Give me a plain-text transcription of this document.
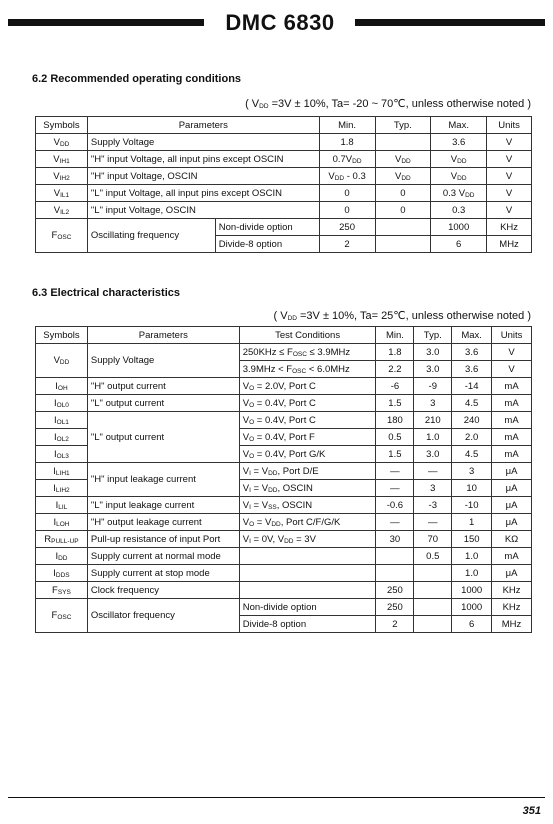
DMC 6830
6.2 Recommended operating conditions
( $V_{DD} =3V \pm 10\%$, Ta= -20 ~ 70℃, unless otherwise noted )
Symbols	Parameters		Min.	Typ.	Max.	Units
$V_{DD}$	Supply Voltage		1.8		3.6	V
$V_{IH1}$	"H" input Voltage, all input pins except OSCIN		$0.7V_{DD}$	$V_{DD}$	$V_{DD}$	V
$V_{IH2}$	"H" input Voltage, OSCIN		$V_{DD} - 0.3$	$V_{DD}$	$V_{DD}$	V
$V_{IL1}$	"L" input Voltage, all input pins except OSCIN		0	0	0.3 $V_{DD}$	V
$V_{IL2}$	"L" input Voltage, OSCIN		0	0	0.3	V
$F_{OSC}$	Oscillating frequency	Non-divide option	250		1000	KHz
		Divide-8 option	2		6	MHz
6.3 Electrical characteristics
( $V_{DD} =3V \pm 10\%$, Ta= 25℃, unless otherwise noted )
Symbols	Parameters	Test Conditions	Min.	Typ.	Max.	Units
$V_{DD}$	Supply Voltage	$250KHz \le F_{OSC} \le 3.9MHz$	1.8	3.0	3.6	V
		$3.9MHz < F_{OSC} < 6.0MHz$	2.2	3.0	3.6	V
$I_{OH}$	"H" output current	$V_O = 2.0V$, Port C	-6	-9	-14	mA
$I_{OL0}$	"L" output current	$V_O = 0.4V$, Port C	1.5	3	4.5	mA
$I_{OL1}$	"L" output current	$V_O = 0.4V$, Port C	180	210	240	mA
$I_{OL2}$		$V_O = 0.4V$, Port F	0.5	1.0	2.0	mA
$I_{OL3}$		$V_O = 0.4V$, Port G/K	1.5	3.0	4.5	mA
$I_{LIH1}$	"H" input leakage current	$V_I = V_{DD}$, Port D/E	—	—	3	μA
$I_{LIH2}$		$V_I = V_{DD}$, OSCIN	—	3	10	μA
$I_{LIL}$	"L" input leakage current	$V_I = V_{SS}$, OSCIN	-0.6	-3	-10	μA
$I_{LOH}$	"H" output leakage current	$V_O = V_{DD}$, Port C/F/G/K	—	—	1	μA
$R_{PULL-UP}$	Pull-up resistance of input Port	$V_I = 0V$, $V_{DD} = 3V$	30	70	150	KΩ
$I_{DD}$	Supply current at normal mode			0.5	1.0	mA
$I_{DDS}$	Supply current at stop mode				1.0	μA
$F_{SYS}$	Clock frequency		250		1000	KHz
$F_{OSC}$	Oscillator frequency	Non-divide option	250		1000	KHz
		Divide-8 option	2		6	MHz
351
